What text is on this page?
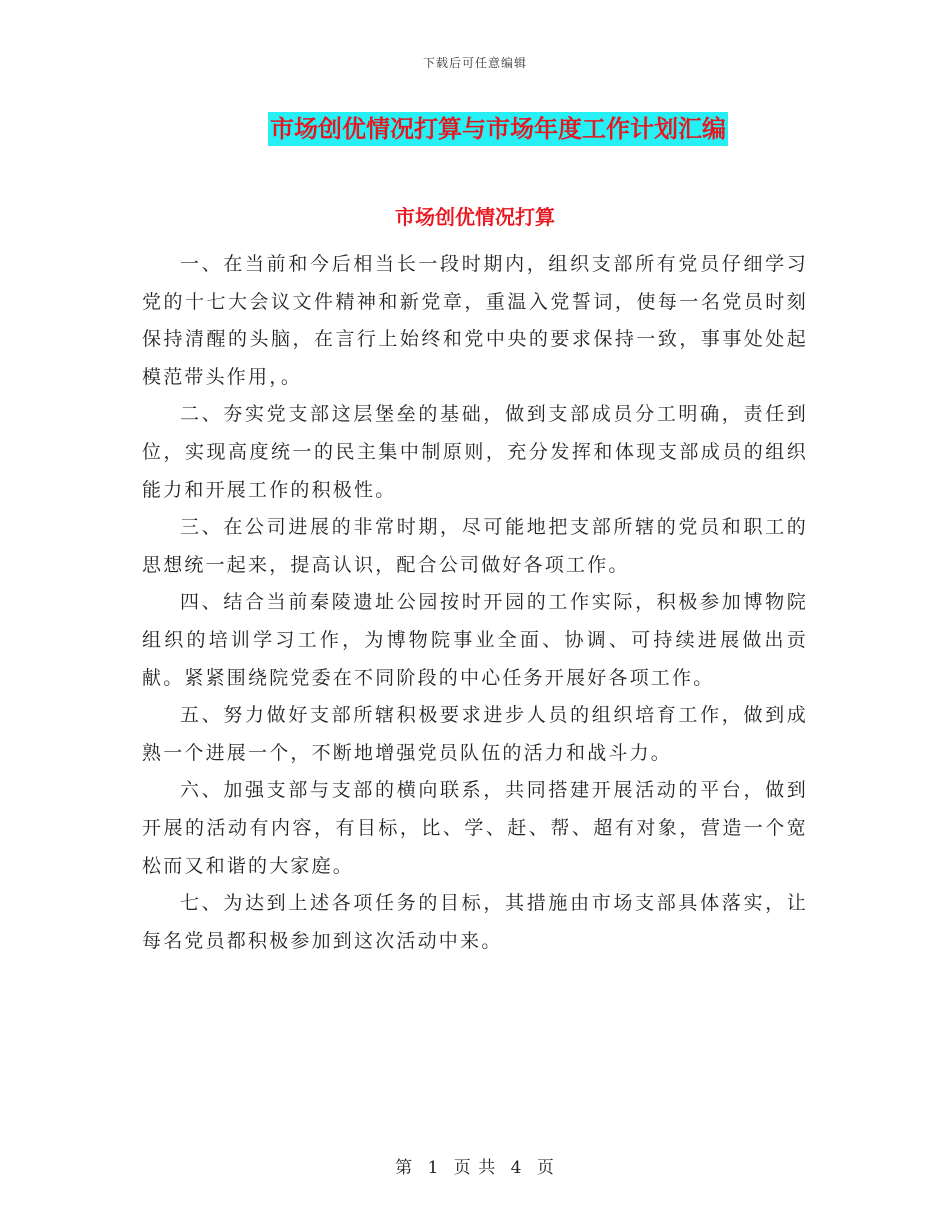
下载后可任意编辑
市场创优情况打算与市场年度工作计划汇编
市场创优情况打算

一、在当前和今后相当长一段时期内，组织支部所有党员仔细学习党的十七大会议文件精神和新党章，重温入党誓词，使每一名党员时刻保持清醒的头脑，在言行上始终和党中央的要求保持一致，事事处处起模范带头作用，。

二、夯实党支部这层堡垒的基础，做到支部成员分工明确，责任到位，实现高度统一的民主集中制原则，充分发挥和体现支部成员的组织能力和开展工作的积极性。

三、在公司进展的非常时期，尽可能地把支部所辖的党员和职工的思想统一起来，提高认识，配合公司做好各项工作。

四、结合当前秦陵遗址公园按时开园的工作实际，积极参加博物院组织的培训学习工作，为博物院事业全面、协调、可持续进展做出贡献。紧紧围绕院党委在不同阶段的中心任务开展好各项工作。

五、努力做好支部所辖积极要求进步人员的组织培育工作，做到成熟一个进展一个，不断地增强党员队伍的活力和战斗力。

六、加强支部与支部的横向联系，共同搭建开展活动的平台，做到开展的活动有内容，有目标，比、学、赶、帮、超有对象，营造一个宽松而又和谐的大家庭。

七、为达到上述各项任务的目标，其措施由市场支部具体落实，让每名党员都积极参加到这次活动中来。

第 1 页 共 4 页
